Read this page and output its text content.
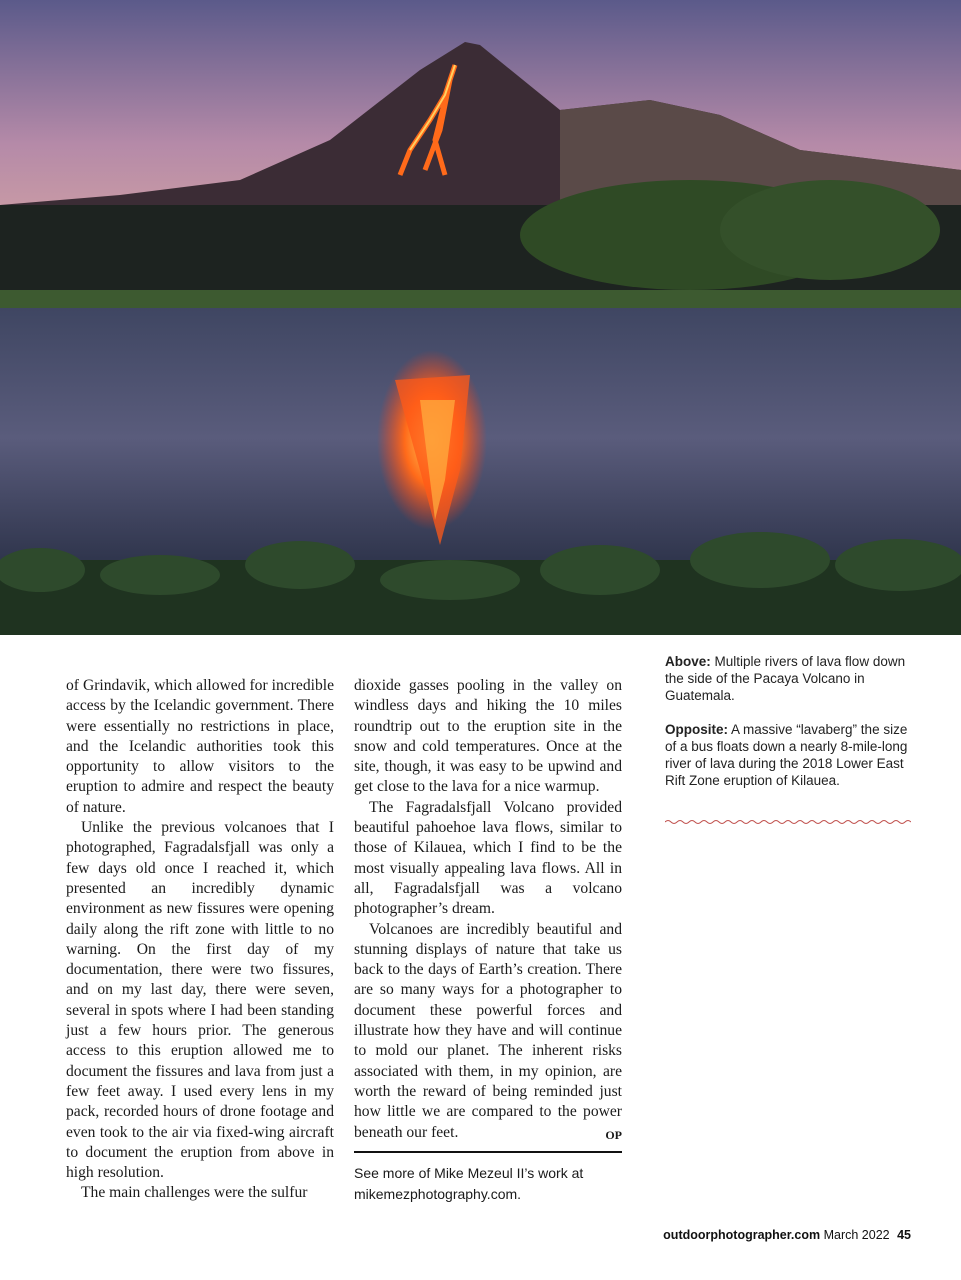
of Grindavik, which allowed for incredible access by the Icelandic government. There were essentially no restrictions in place, and the Icelandic authorities took this opportunity to allow visitors to the eruption to admire and respect the beauty of nature.

Unlike the previous volcanoes that I photographed, Fagradalsfjall was only a few days old once I reached it, which presented an incredibly dynamic environment as new fissures were opening daily along the rift zone with little to no warning. On the first day of my documentation, there were two fissures, and on my last day, there were seven, several in spots where I had been standing just a few hours prior. The generous access to this eruption allowed me to document the fissures and lava from just a few feet away. I used every lens in my pack, recorded hours of drone footage and even took to the air via fixed-wing aircraft to document the eruption from above in high resolution.

The main challenges were the sulfur

dioxide gasses pooling in the valley on windless days and hiking the 10 miles roundtrip out to the eruption site in the snow and cold temperatures. Once at the site, though, it was easy to be upwind and get close to the lava for a nice warmup.

The Fagradalsfjall Volcano provided beautiful pahoehoe lava flows, similar to those of Kilauea, which I find to be the most visually appealing lava flows. All in all, Fagradalsfjall was a volcano photographer’s dream.

Volcanoes are incredibly beautiful and stunning displays of nature that take us back to the days of Earth’s creation. There are so many ways for a photographer to document these powerful forces and illustrate how they have and will continue to mold our planet. The inherent risks associated with them, in my opinion, are worth the reward of being reminded just how little we are compared to the power beneath our feet.	OP

See more of Mike Mezeul II’s work at
mikemezphotography.com.

Above: Multiple rivers of lava flow down the side of the Pacaya Volcano in Guatemala.

Opposite: A massive “lavaberg” the size of a bus floats down a nearly 8-mile-long river of lava during the 2018 Lower East Rift Zone eruption of Kilauea.

outdoorphotographer.com March 2022 45
